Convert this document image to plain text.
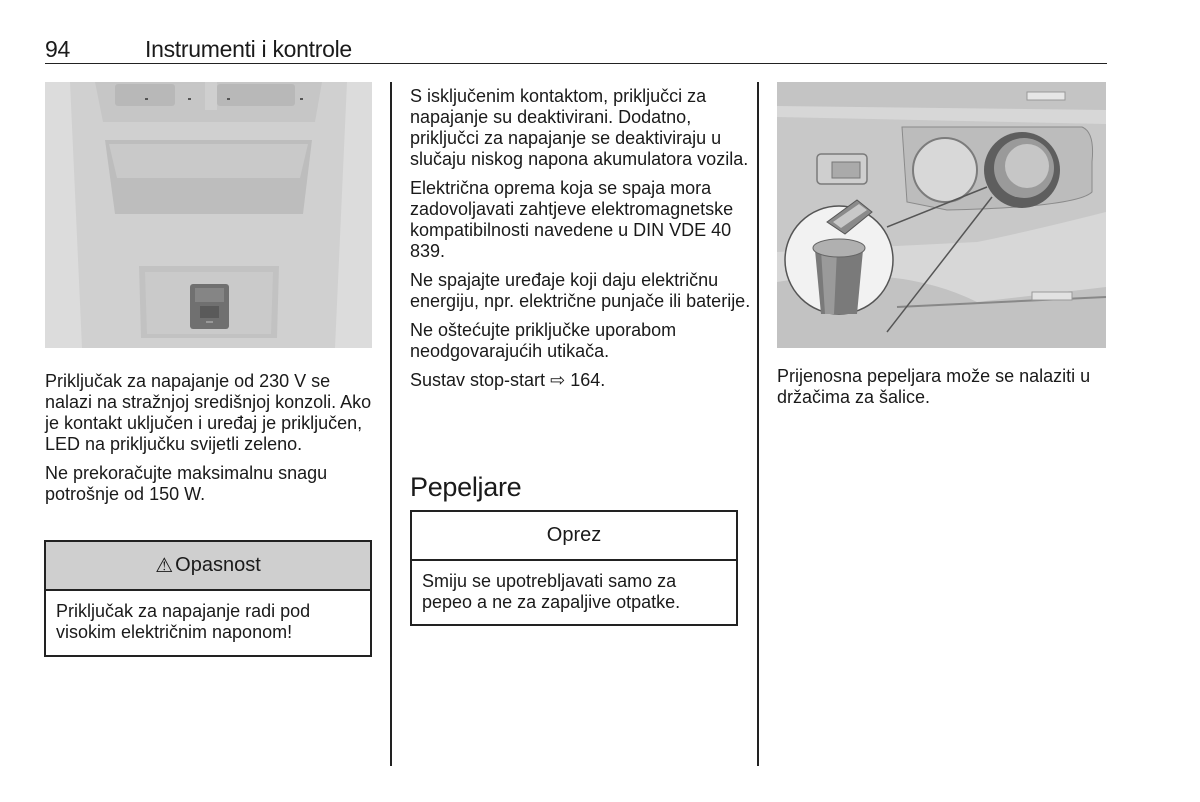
94	Instrumenti i kontrole

Priključak za napajanje od 230 V se nalazi na stražnjoj središnjoj konzoli. Ako je kontakt uključen i uređaj je priključen, LED na priključku svijetli zeleno.

Ne prekoračujte maksimalnu snagu potrošnje od 150 W.

⚠ Opasnost
Priključak za napajanje radi pod visokim električnim naponom!

S isključenim kontaktom, priključci za napajanje su deaktivirani. Dodatno, priključci za napajanje se deaktiviraju u slučaju niskog napona akumulatora vozila.

Električna oprema koja se spaja mora zadovoljavati zahtjeve elektromagnetske kompatibilnosti navedene u DIN VDE 40 839.

Ne spajajte uređaje koji daju električnu energiju, npr. električne punjače ili baterije.

Ne oštećujte priključke uporabom neodgovarajućih utikača.

Sustav stop-start ⇨ 164.

Pepeljare
Oprez
Smiju se upotrebljavati samo za pepeo a ne za zapaljive otpatke.

Prijenosna pepeljara može se nalaziti u držačima za šalice.
